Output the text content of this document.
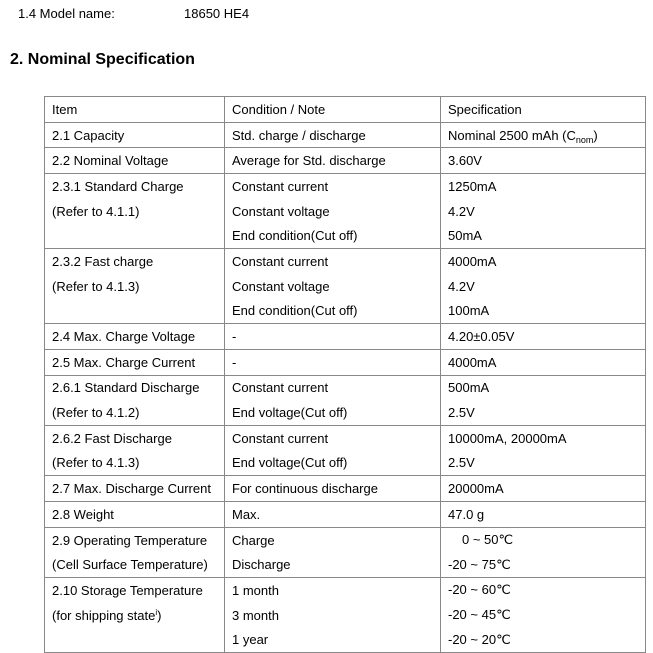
1.4 Model name:	18650 HE4
2. Nominal Specification
Item	Condition / Note	Specification
2.1 Capacity	Std. charge / discharge	Nominal 2500 mAh $(C_{nom})$
2.2 Nominal Voltage	Average for Std. discharge	3.60V
2.3.1 Standard Charge	Constant current	1250mA
(Refer to 4.1.1)	Constant voltage	4.2V
	End condition(Cut off)	50mA
2.3.2 Fast charge	Constant current	4000mA
(Refer to 4.1.3)	Constant voltage	4.2V
	End condition(Cut off)	100mA
2.4 Max. Charge Voltage	-	4.20±0.05V
2.5 Max. Charge Current	-	4000mA
2.6.1 Standard Discharge	Constant current	500mA
(Refer to 4.1.2)	End voltage(Cut off)	2.5V
2.6.2 Fast Discharge	Constant current	10000mA, 20000mA
(Refer to 4.1.3)	End voltage(Cut off)	2.5V
2.7 Max. Discharge Current	For continuous discharge	20000mA
2.8 Weight	Max.	47.0 g
2.9 Operating Temperature	Charge	0 ~ 50℃
(Cell Surface Temperature)	Discharge	-20 ~ 75℃
2.10 Storage Temperature	1 month	-20 ~ 60℃
(for shipping state$^i$)	3 month	-20 ~ 45℃
	1 year	-20 ~ 20℃
